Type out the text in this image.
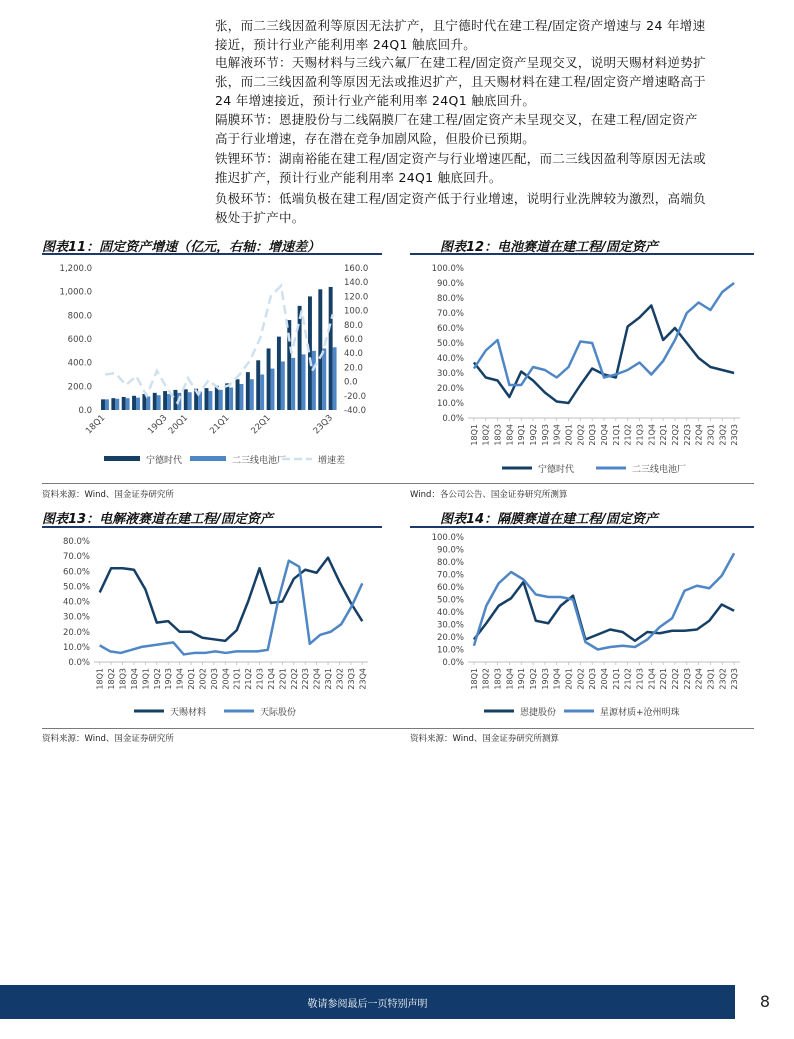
张，而二三线因盈利等原因无法扩产，且宁德时代在建工程/固定资产增速与 24 年增速
接近，预计行业产能利用率 24Q1 触底回升。
电解液环节：天赐材料与三线六氟厂在建工程/固定资产呈现交叉，说明天赐材料逆势扩
张，而二三线因盈利等原因无法或推迟扩产，且天赐材料在建工程/固定资产增速略高于
24 年增速接近，预计行业产能利用率 24Q1 触底回升。
隔膜环节：恩捷股份与二线隔膜厂在建工程/固定资产未呈现交叉，在建工程/固定资产
高于行业增速，存在潜在竞争加剧风险，但股价已预期。
铁锂环节：湖南裕能在建工程/固定资产与行业增速匹配，而二三线因盈利等原因无法或
推迟扩产，预计行业产能利用率 24Q1 触底回升。
负极环节：低端负极在建工程/固定资产低于行业增速，说明行业洗牌较为激烈，高端负
极处于扩产中。
图表11：固定资产增速（亿元，右轴：增速差）	图表12：电池赛道在建工程/固定资产
0.0
200.0
400.0
600.0
800.0
1,000.0
1,200.0
-40.0
-20.0
0.0
20.0
40.0
60.0
80.0
100.0
120.0
140.0
160.0
18Q1	19Q3
20Q1 21Q1 22Q1	23Q3
宁德时代	二三线电池厂	增速差
0.0%
10.0%
20.0%
30.0%
40.0%
50.0%
60.0%
70.0%
80.0%
90.0%
100.0%
18Q1 18Q2 18Q3 18Q4 19Q1 19Q2 19Q3 19Q4 20Q1 20Q2 20Q3 20Q4 21Q1 21Q2 21Q3 21Q4 22Q1 22Q2 22Q3 22Q4 23Q1 23Q2 23Q3
宁德时代	二三线电池厂
资料来源：Wind、国金证券研究所	Wind：各公司公告、国金证券研究所测算
图表13：电解液赛道在建工程/固定资产	图表14：隔膜赛道在建工程/固定资产
0.0%
10.0%
20.0%
30.0%
40.0%
50.0%
60.0%
70.0%
80.0%
18Q1 18Q2 18Q3 18Q4 19Q1 19Q2 19Q3 19Q4 20Q1 20Q2 20Q3 20Q4 21Q1 21Q2 21Q3 21Q4 22Q1 22Q2 22Q3 22Q4 23Q1 23Q2 23Q3 23Q4
天赐材料	天际股份
0.0%
10.0%
20.0%
30.0%
40.0%
50.0%
60.0%
70.0%
80.0%
90.0%
100.0%
18Q1 18Q2 18Q3 18Q4 19Q1 19Q2 19Q3 19Q4 20Q1 20Q2 20Q3 20Q4 21Q1 21Q2 21Q3 21Q4 22Q1 22Q2 22Q3 22Q4 23Q1 23Q2 23Q3
恩捷股份	星源材质+沧州明珠
资料来源：Wind、国金证券研究所	资料来源：Wind、国金证券研究所测算
敬请参阅最后一页特别声明	8
